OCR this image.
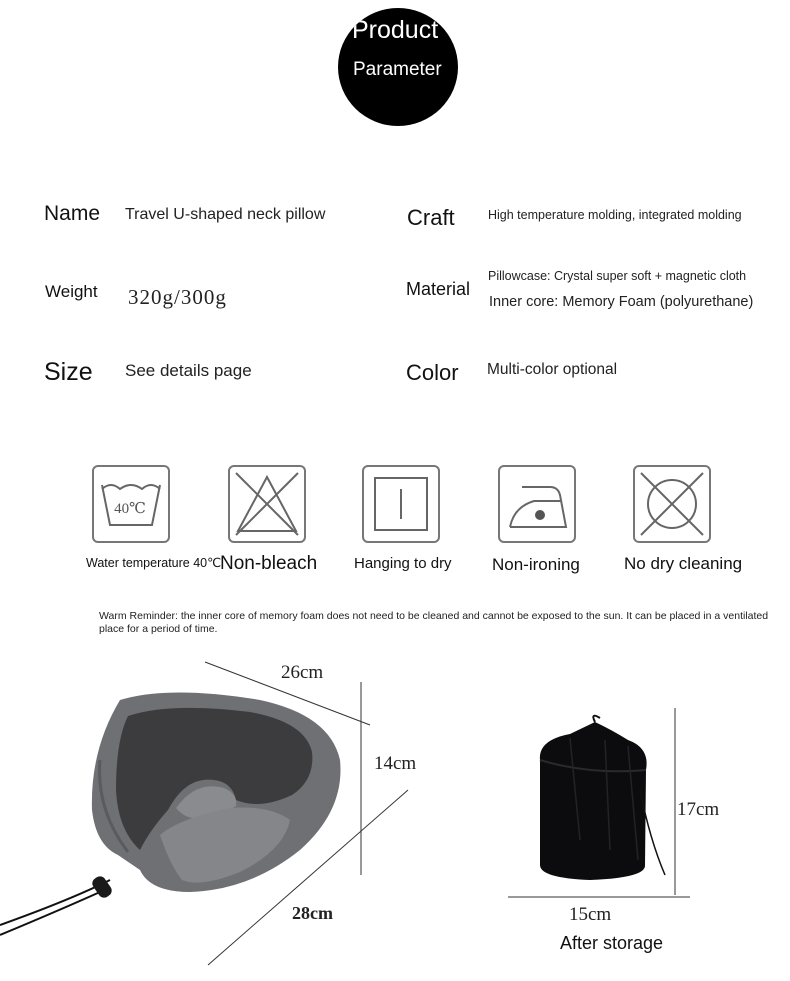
Product
Parameter
Name Travel U-shaped neck pillow	Craft	High temperature molding, integrated molding
Weight 320g/300g	Material
Pillowcase: Crystal super soft + magnetic cloth
Inner core: Memory Foam (polyurethane)
Size See details page	Color Multi-color optional
40℃
Water temperature 40℃
Non-bleach Hanging to dry Non-ironing	No dry cleaning
Warm Reminder: the inner core of memory foam does not need to be cleaned and cannot be exposed to the sun. It can be placed in a ventilated place for a period of time.
26cm
14cm
28cm
17cm
15cm
After storage
